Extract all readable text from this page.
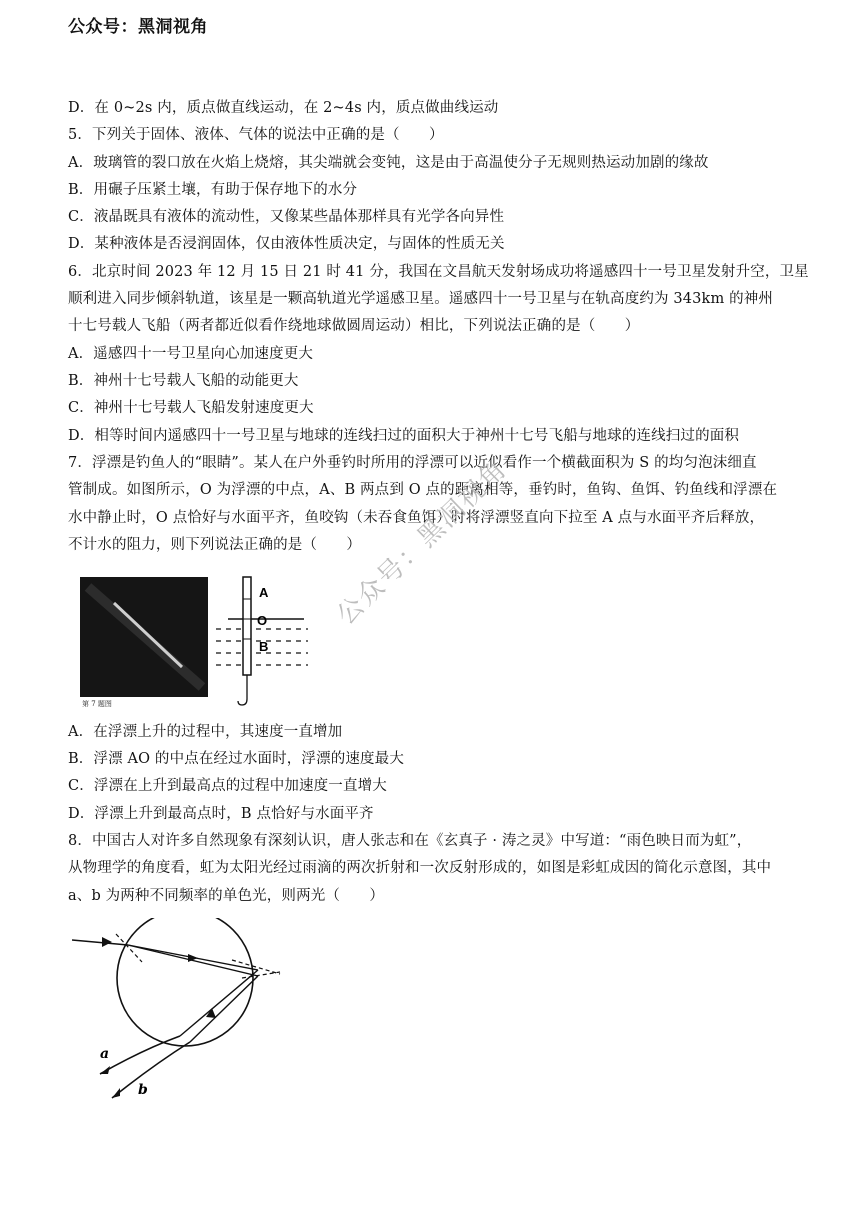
公众号：黑洞视角
D．在 0~2s 内，质点做直线运动，在 2~4s 内，质点做曲线运动
5．下列关于固体、液体、气体的说法中正确的是（　　）
A．玻璃管的裂口放在火焰上烧熔，其尖端就会变钝，这是由于高温使分子无规则热运动加剧的缘故
B．用碾子压紧土壤，有助于保存地下的水分
C．液晶既具有液体的流动性，又像某些晶体那样具有光学各向异性
D．某种液体是否浸润固体，仅由液体性质决定，与固体的性质无关
6．北京时间 2023 年 12 月 15 日 21 时 41 分，我国在文昌航天发射场成功将遥感四十一号卫星发射升空，卫星
顺利进入同步倾斜轨道，该星是一颗高轨道光学遥感卫星。遥感四十一号卫星与在轨高度约为 343km 的神州
十七号载人飞船（两者都近似看作绕地球做圆周运动）相比，下列说法正确的是（　　）
A．遥感四十一号卫星向心加速度更大
B．神州十七号载人飞船的动能更大
C．神州十七号载人飞船发射速度更大
D．相等时间内遥感四十一号卫星与地球的连线扫过的面积大于神州十七号飞船与地球的连线扫过的面积
7．浮漂是钓鱼人的“眼睛”。某人在户外垂钓时所用的浮漂可以近似看作一个横截面积为 S 的均匀泡沫细直
管制成。如图所示，O 为浮漂的中点，A、B 两点到 O 点的距离相等，垂钓时，鱼钩、鱼饵、钓鱼线和浮漂在
水中静止时，O 点恰好与水面平齐，鱼咬钩（未吞食鱼饵）时将浮漂竖直向下拉至 A 点与水面平齐后释放，
不计水的阻力，则下列说法正确的是（　　）
第 7 题图
A
O
B
A．在浮漂上升的过程中，其速度一直增加
B．浮漂 AO 的中点在经过水面时，浮漂的速度最大
C．浮漂在上升到最高点的过程中加速度一直增大
D．浮漂上升到最高点时，B 点恰好与水面平齐
8．中国古人对许多自然现象有深刻认识，唐人张志和在《玄真子 · 涛之灵》中写道：“雨色映日而为虹”，
从物理学的角度看，虹为太阳光经过雨滴的两次折射和一次反射形成的，如图是彩虹成因的简化示意图，其中
a、b 为两种不同频率的单色光，则两光（　　）
a
b
公众号：黑洞视角
